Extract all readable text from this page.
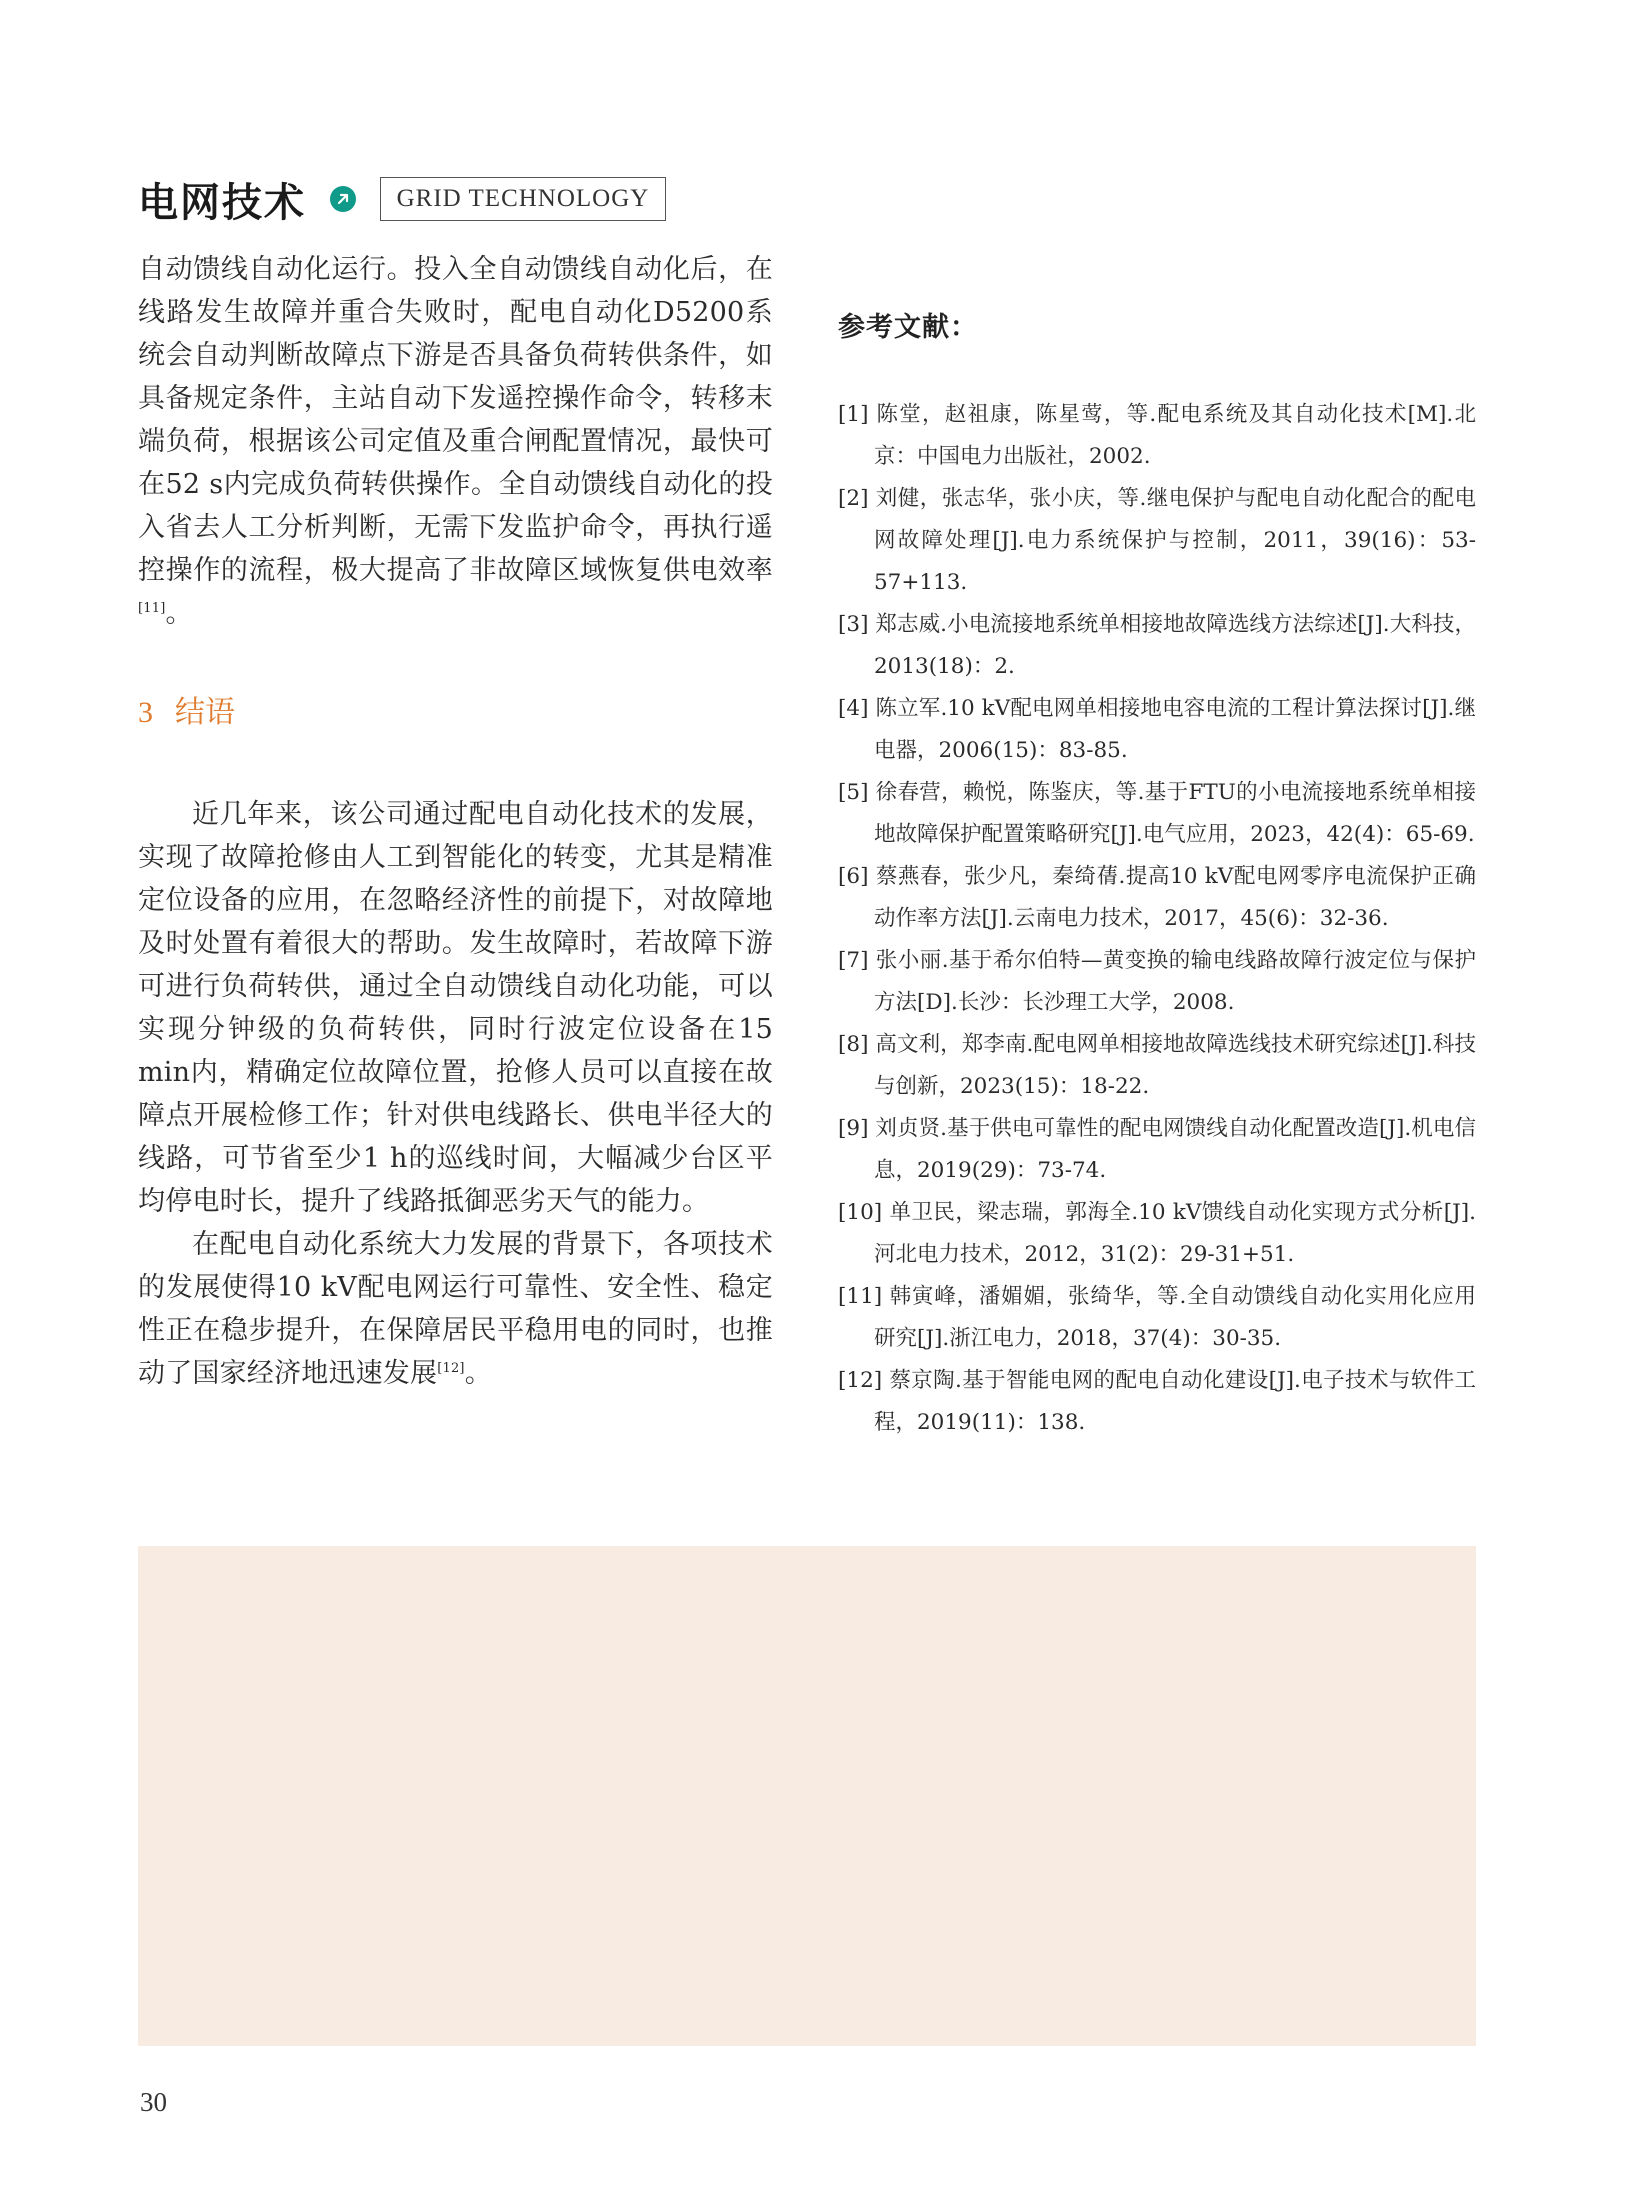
电网技术	GRID TECHNOLOGY

自动馈线自动化运行。投入全自动馈线自动化后，在线路发生故障并重合失败时，配电自动化D5200系统会自动判断故障点下游是否具备负荷转供条件，如具备规定条件，主站自动下发遥控操作命令，转移末端负荷，根据该公司定值及重合闸配置情况，最快可在52 s内完成负荷转供操作。全自动馈线自动化的投入省去人工分析判断，无需下发监护命令，再执行遥控操作的流程，极大提高了非故障区域恢复供电效率[11]。

3 结语

近几年来，该公司通过配电自动化技术的发展，实现了故障抢修由人工到智能化的转变，尤其是精准定位设备的应用，在忽略经济性的前提下，对故障地及时处置有着很大的帮助。发生故障时，若故障下游可进行负荷转供，通过全自动馈线自动化功能，可以实现分钟级的负荷转供，同时行波定位设备在15 min内，精确定位故障位置，抢修人员可以直接在故障点开展检修工作；针对供电线路长、供电半径大的线路，可节省至少1 h的巡线时间，大幅减少台区平均停电时长，提升了线路抵御恶劣天气的能力。

在配电自动化系统大力发展的背景下，各项技术的发展使得10 kV配电网运行可靠性、安全性、稳定性正在稳步提升，在保障居民平稳用电的同时，也推动了国家经济地迅速发展[12]。

参考文献：

[1] 陈堂，赵祖康，陈星莺，等.配电系统及其自动化技术[M].北京：中国电力出版社，2002.

[2] 刘健，张志华，张小庆，等.继电保护与配电自动化配合的配电网故障处理[J].电力系统保护与控制，2011，39(16)：53-57+113.

[3] 郑志威.小电流接地系统单相接地故障选线方法综述[J].大科技，2013(18)：2.

[4] 陈立军.10 kV配电网单相接地电容电流的工程计算法探讨[J].继电器，2006(15)：83-85.

[5] 徐春营，赖悦，陈鉴庆，等.基于FTU的小电流接地系统单相接地故障保护配置策略研究[J].电气应用，2023，42(4)：65-69.

[6] 蔡燕春，张少凡，秦绮蒨.提高10 kV配电网零序电流保护正确动作率方法[J].云南电力技术，2017，45(6)：32-36.

[7] 张小丽.基于希尔伯特—黄变换的输电线路故障行波定位与保护方法[D].长沙：长沙理工大学，2008.

[8] 高文利，郑李南.配电网单相接地故障选线技术研究综述[J].科技与创新，2023(15)：18-22.

[9] 刘贞贤.基于供电可靠性的配电网馈线自动化配置改造[J].机电信息，2019(29)：73-74.

[10] 单卫民，梁志瑞，郭海全.10 kV馈线自动化实现方式分析[J].河北电力技术，2012，31(2)：29-31+51.

[11] 韩寅峰，潘媚媚，张绮华，等.全自动馈线自动化实用化应用研究[J].浙江电力，2018，37(4)：30-35.

[12] 蔡京陶.基于智能电网的配电自动化建设[J].电子技术与软件工程，2019(11)：138.

30
